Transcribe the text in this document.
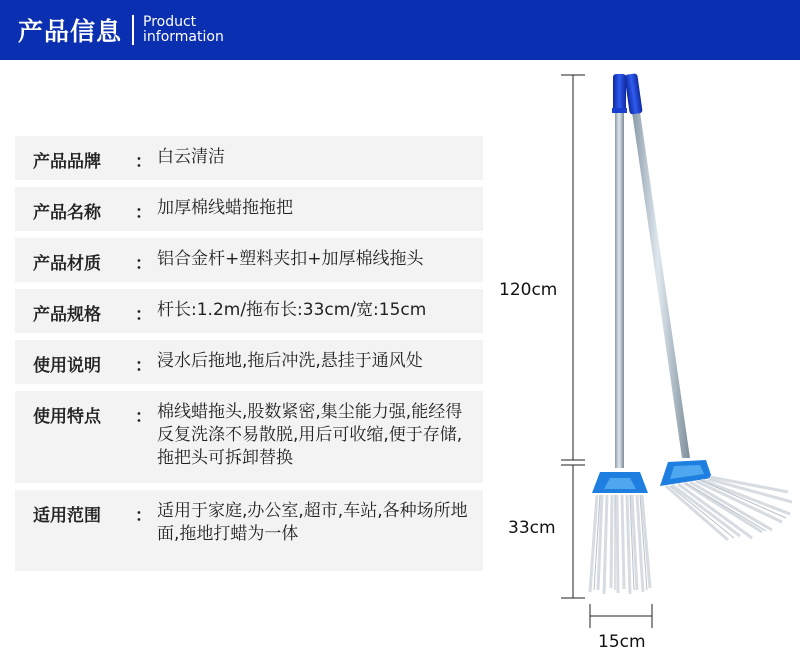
产品信息 Product
information
产品品牌	： 白云清洁
产品名称	： 加厚棉线蜡拖拖把
产品材质	： 铝合金杆+塑料夹扣+加厚棉线拖头
产品规格	： 杆长:1.2m/拖布长:33cm/宽:15cm
使用说明	： 浸水后拖地,拖后冲洗,悬挂于通风处
使用特点	： 棉线蜡拖头,股数紧密,集尘能力强,能经得反复洗涤不易散脱,用后可收缩,便于存储,拖把头可拆卸替换
适用范围	： 适用于家庭,办公室,超市,车站,各种场所地面,拖地打蜡为一体
120cm
33cm
15cm
